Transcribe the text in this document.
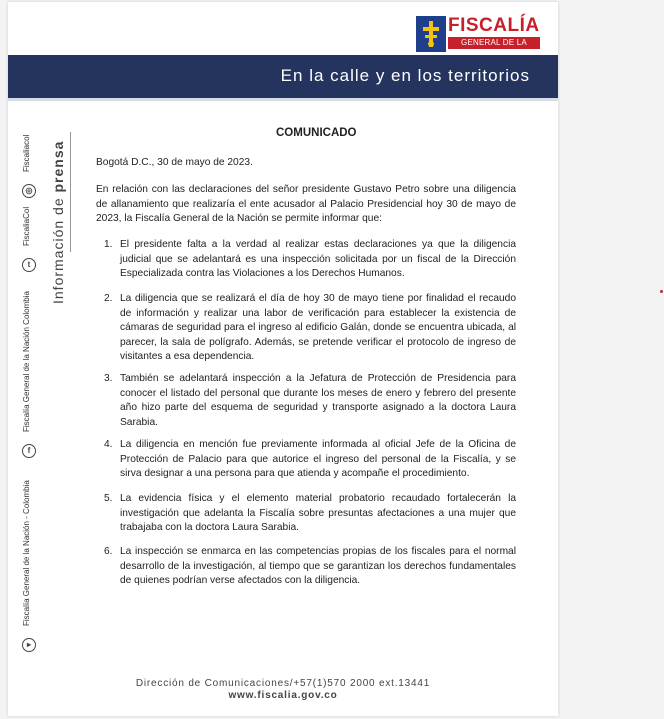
FISCALÍA
GENERAL DE LA
En la calle y en los territorios
◎
Fiscaliacol
t
FiscaliaCol
f
Fiscalía General de la Nación Colombia
▸
Fiscalía General de la Nación - Colombia
Información de prensa
COMUNICADO
Bogotá D.C., 30 de mayo de 2023.
En relación con las declaraciones del señor presidente Gustavo Petro sobre una diligencia de allanamiento que realizaría el ente acusador al Palacio Presidencial hoy 30 de mayo de 2023, la Fiscalía General de la Nación se permite informar que:
1. El presidente falta a la verdad al realizar estas declaraciones ya que la diligencia judicial que se adelantará es una inspección solicitada por un fiscal de la Dirección Especializada contra las Violaciones a los Derechos Humanos.
2. La diligencia que se realizará el día de hoy 30 de mayo tiene por finalidad el recaudo de información y realizar una labor de verificación para establecer la existencia de cámaras de seguridad para el ingreso al edificio Galán, donde se encuentra ubicada, al parecer, la sala de polígrafo. Además, se pretende verificar el protocolo de ingreso de visitantes a esa dependencia.
3. También se adelantará inspección a la Jefatura de Protección de Presidencia para conocer el listado del personal que durante los meses de enero y febrero del presente año hizo parte del esquema de seguridad y transporte asignado a la doctora Laura Sarabia.
4. La diligencia en mención fue previamente informada al oficial Jefe de la Oficina de Protección de Palacio para que autorice el ingreso del personal de la Fiscalía, y se sirva designar a una persona para que atienda y acompañe el procedimiento.
5. La evidencia física y el elemento material probatorio recaudado fortalecerán la investigación que adelanta la Fiscalía sobre presuntas afectaciones a una mujer que trabajaba con la doctora Laura Sarabia.
6. La inspección se enmarca en las competencias propias de los fiscales para el normal desarrollo de la investigación, al tiempo que se garantizan los derechos fundamentales de quienes podrían verse afectados con la diligencia.
Dirección de Comunicaciones/+57(1)570 2000 ext.13441
www.fiscalia.gov.co
